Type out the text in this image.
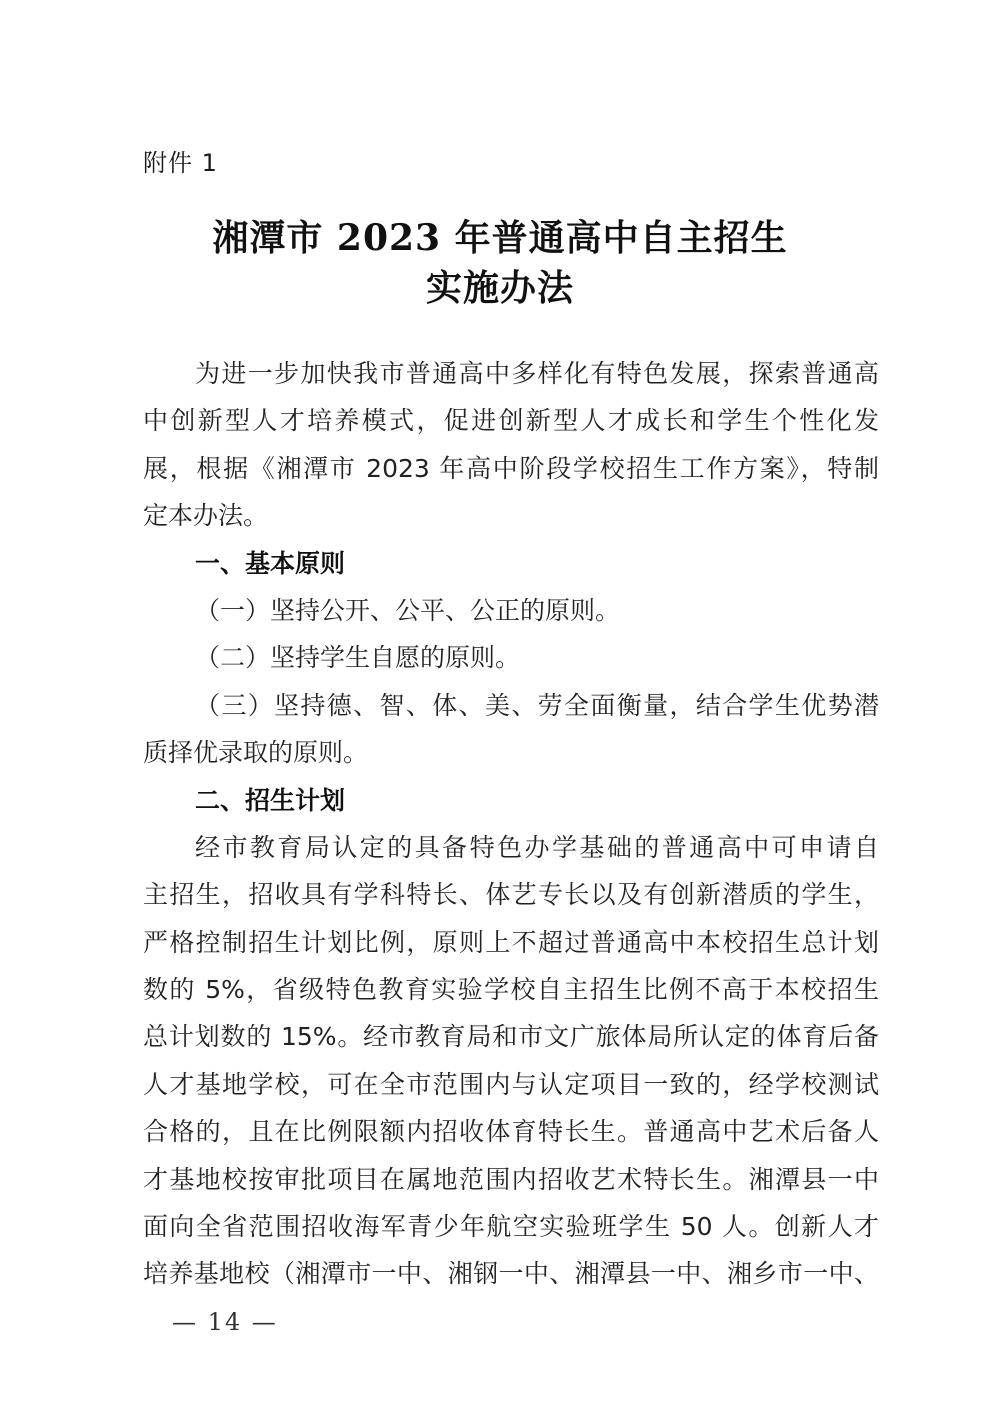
附件 1
湘潭市 2023 年普通高中自主招生
实施办法
为进一步加快我市普通高中多样化有特色发展，探索普通高
中创新型人才培养模式，促进创新型人才成长和学生个性化发
展，根据《湘潭市 2023 年高中阶段学校招生工作方案》，特制
定本办法。
一、基本原则
（一）坚持公开、公平、公正的原则。
（二）坚持学生自愿的原则。
（三）坚持德、智、体、美、劳全面衡量，结合学生优势潜
质择优录取的原则。
二、招生计划
经市教育局认定的具备特色办学基础的普通高中可申请自
主招生，招收具有学科特长、体艺专长以及有创新潜质的学生，
严格控制招生计划比例，原则上不超过普通高中本校招生总计划
数的 5%，省级特色教育实验学校自主招生比例不高于本校招生
总计划数的 15%。经市教育局和市文广旅体局所认定的体育后备
人才基地学校，可在全市范围内与认定项目一致的，经学校测试
合格的，且在比例限额内招收体育特长生。普通高中艺术后备人
才基地校按审批项目在属地范围内招收艺术特长生。湘潭县一中
面向全省范围招收海军青少年航空实验班学生 50 人。创新人才
培养基地校（湘潭市一中、湘钢一中、湘潭县一中、湘乡市一中、
— 14 —
